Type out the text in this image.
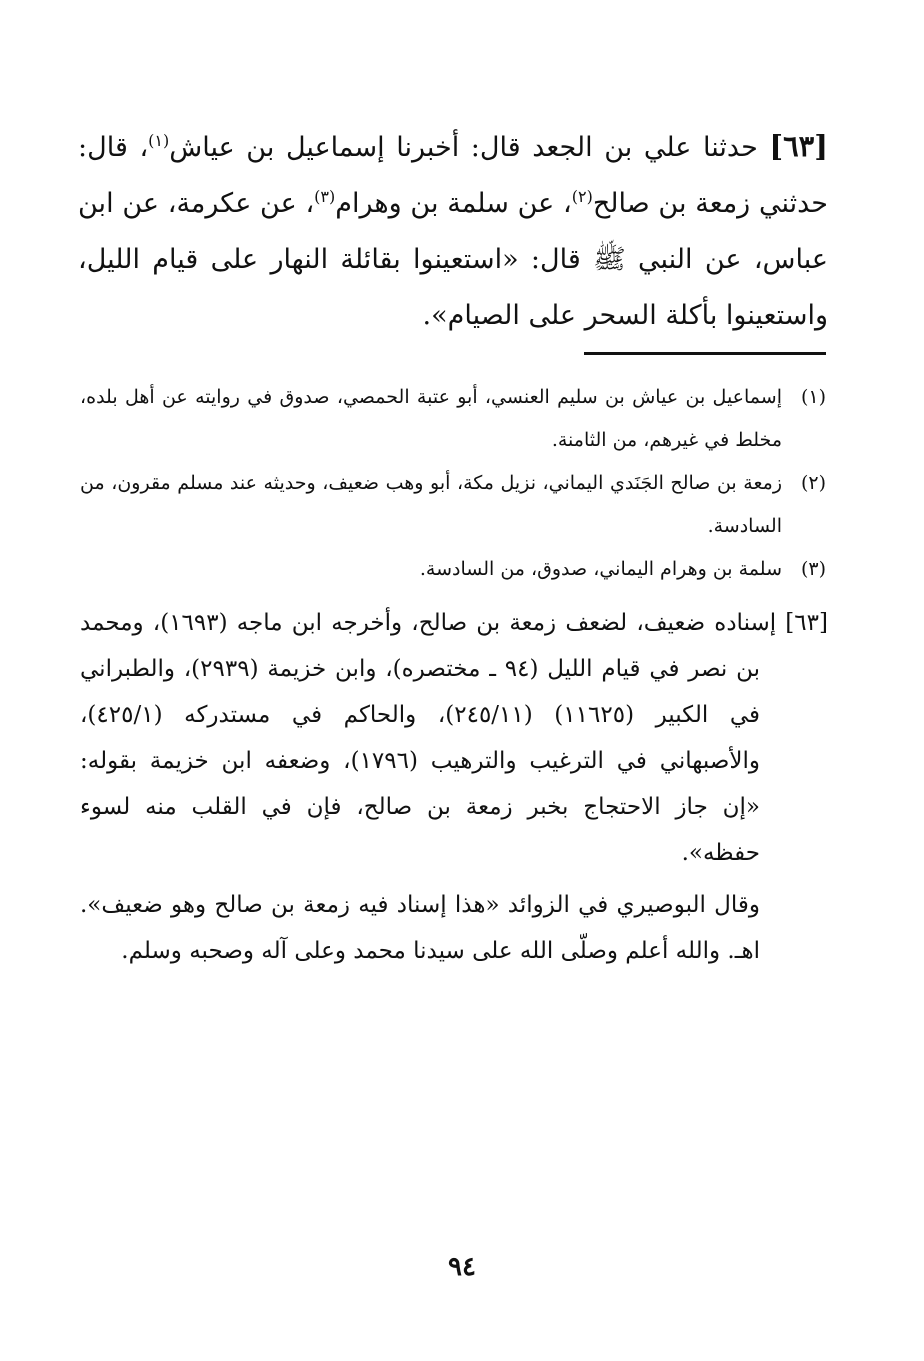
[٦٣] حدثنا علي بن الجعد قال: أخبرنا إسماعيل بن عياش$^{(١)}$، قال: حدثني زمعة بن صالح$^{(٢)}$، عن سلمة بن وهرام$^{(٣)}$، عن عكرمة، عن ابن عباس، عن النبي ﷺ قال: «استعينوا بقائلة النهار على قيام الليل، واستعينوا بأكلة السحر على الصيام».
(١)
إسماعيل بن عياش بن سليم العنسي، أبو عتبة الحمصي، صدوق في روايته عن أهل بلده، مخلط في غيرهم، من الثامنة.
(٢)
زمعة بن صالح الجَنَدي اليماني، نزيل مكة، أبو وهب ضعيف، وحديثه عند مسلم مقرون، من السادسة.
(٣)
سلمة بن وهرام اليماني، صدوق، من السادسة.

[٦٣] إسناده ضعيف، لضعف زمعة بن صالح، وأخرجه ابن ماجه (١٦٩٣)، ومحمد بن نصر في قيام الليل (٩٤ ـ مختصره)، وابن خزيمة (٢٩٣٩)، والطبراني في الكبير (١١٦٢٥) (٢٤٥/١١)، والحاكم في مستدركه (٤٢٥/١)، والأصبهاني في الترغيب والترهيب (١٧٩٦)، وضعفه ابن خزيمة بقوله: «إن جاز الاحتجاج بخبر زمعة بن صالح، فإن في القلب منه لسوء حفظه».

وقال البوصيري في الزوائد «هذا إسناد فيه زمعة بن صالح وهو ضعيف». اهـ. والله أعلم وصلّى الله على سيدنا محمد وعلى آله وصحبه وسلم.

٩٤
